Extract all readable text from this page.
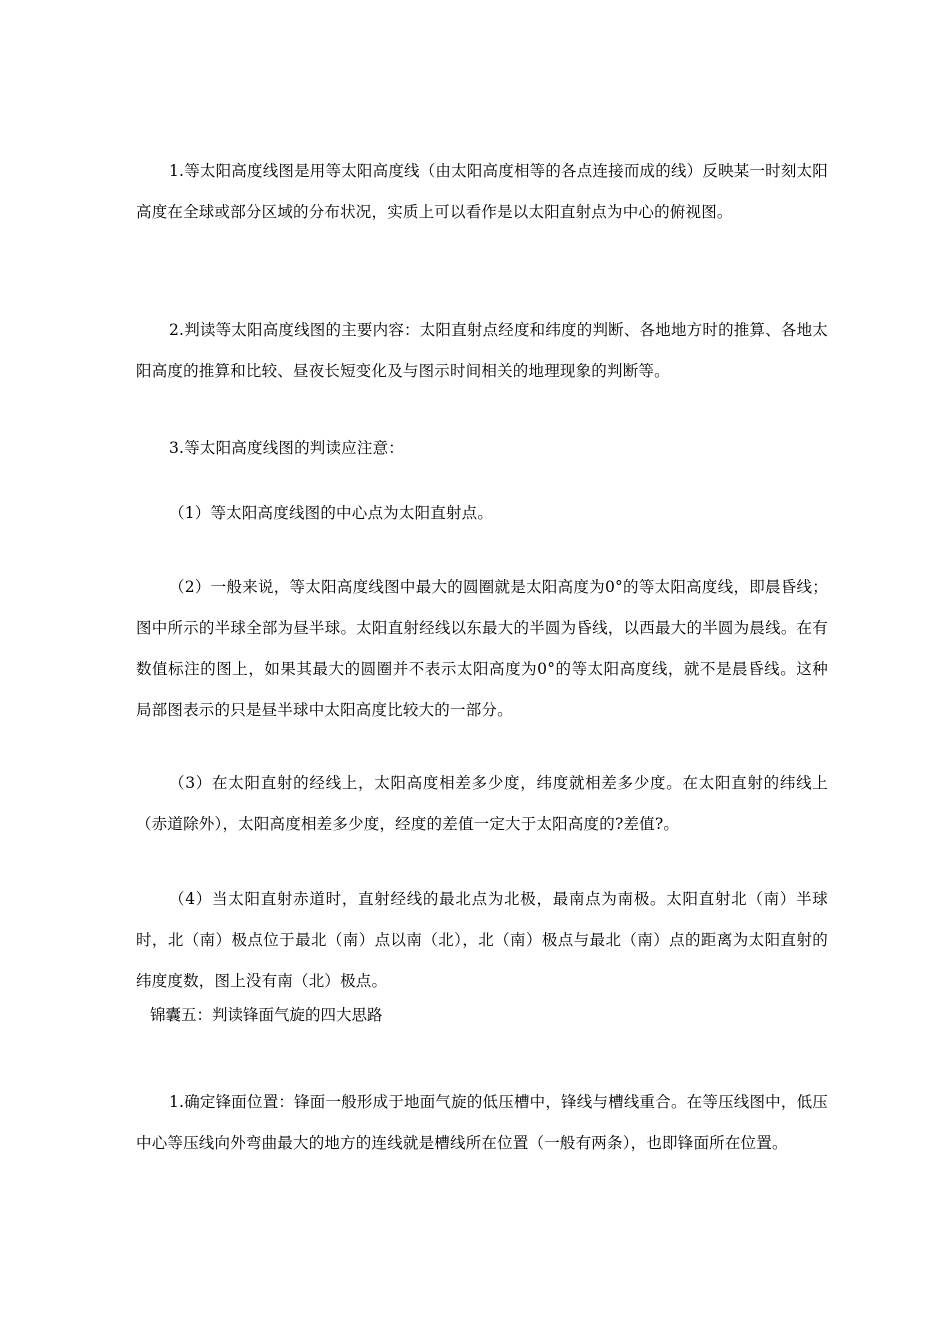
1.等太阳高度线图是用等太阳高度线（由太阳高度相等的各点连接而成的线）反映某一时刻太阳高度在全球或部分区域的分布状况，实质上可以看作是以太阳直射点为中心的俯视图。

2.判读等太阳高度线图的主要内容：太阳直射点经度和纬度的判断、各地地方时的推算、各地太阳高度的推算和比较、昼夜长短变化及与图示时间相关的地理现象的判断等。

3.等太阳高度线图的判读应注意：

（1）等太阳高度线图的中心点为太阳直射点。

（2）一般来说，等太阳高度线图中最大的圆圈就是太阳高度为0°的等太阳高度线，即晨昏线；图中所示的半球全部为昼半球。太阳直射经线以东最大的半圆为昏线，以西最大的半圆为晨线。在有数值标注的图上，如果其最大的圆圈并不表示太阳高度为0°的等太阳高度线，就不是晨昏线。这种局部图表示的只是昼半球中太阳高度比较大的一部分。

（3）在太阳直射的经线上，太阳高度相差多少度，纬度就相差多少度。在太阳直射的纬线上（赤道除外），太阳高度相差多少度，经度的差值一定大于太阳高度的?差值?。

（4）当太阳直射赤道时，直射经线的最北点为北极，最南点为南极。太阳直射北（南）半球时，北（南）极点位于最北（南）点以南（北），北（南）极点与最北（南）点的距离为太阳直射的纬度度数，图上没有南（北）极点。

锦囊五：判读锋面气旋的四大思路

1.确定锋面位置：锋面一般形成于地面气旋的低压槽中，锋线与槽线重合。在等压线图中，低压中心等压线向外弯曲最大的地方的连线就是槽线所在位置（一般有两条），也即锋面所在位置。
